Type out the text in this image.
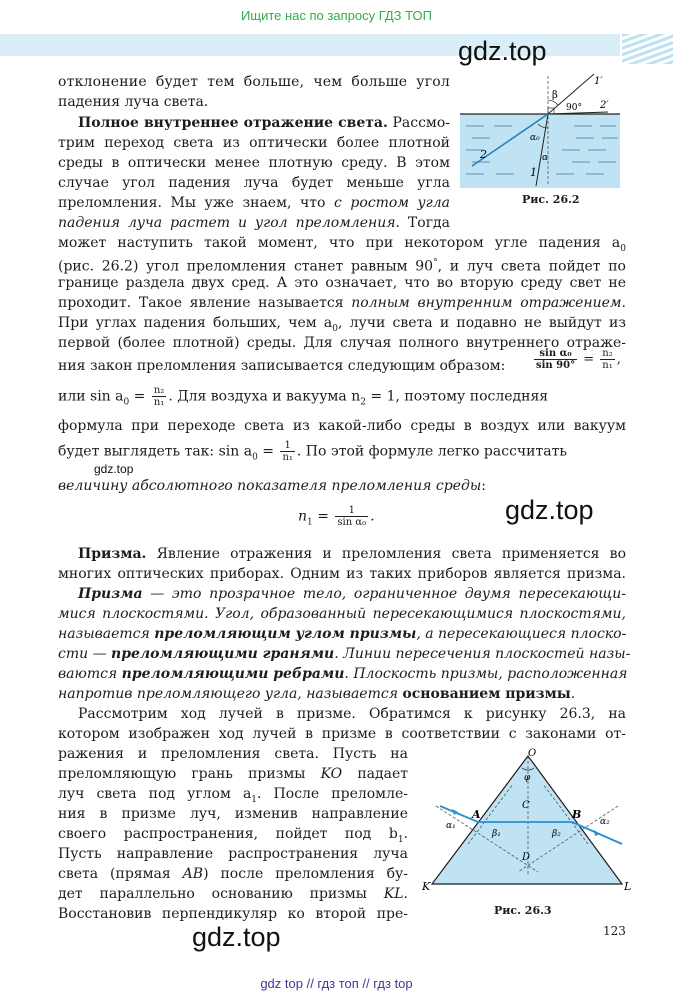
Ищите нас по запросу ГДЗ ТОП
gdz.top
β
90°
1′
2′
2
1
α₀
α
Рис. 26.2
отклонение будет тем больше, чем больше угол
падения луча света.
Полное внутреннее отражение света. Рассмо-
трим переход света из оптически более плотной
среды в оптически менее плотную среду. В этом
случае угол падения луча будет меньше угла
преломления. Мы уже знаем, что с ростом угла
падения луча растет и угол преломления. Тогда
может наступить такой момент, что при некотором угле падения $a_0$
(рис. 26.2) угол преломления станет равным 90°, и луч света пойдет по
границе раздела двух сред. А это означает, что во вторую среду свет не
проходит. Такое явление называется полным внутренним отражением.
При углах падения больших, чем $a_0$, лучи света и подавно не выйдут из
первой (более плотной) среды. Для случая полного внутреннего отраже-
ния закон преломления записывается следующим образом:	$\frac{\text{sin α₀}}{\sin 90^\circ} = \frac{\text{n₂}}{\text{n₁}}$ ,
или $\sin a_0 = \frac{\text{n₂}}{\text{n₁}}$ . Для воздуха и вакуума $n_2 = 1$, поэтому последняя
формула при переходе света из какой-либо среды в воздух или вакуум
будет выглядеть так: $\sin a_0 = \frac{1}{\text{n₁}}$ . По этой формуле легко рассчитать
gdz.top
величину абсолютного показателя преломления среды:
$n_1 = \frac{1}{\text{sin α₀}}$ .	gdz.top
Призма. Явление отражения и преломления света применяется во
многих оптических приборах. Одним из таких приборов является призма.
Призма — это прозрачное тело, ограниченное двумя пересекающи-
мися плоскостями. Угол, образованный пересекающимися плоскостями,
называется преломляющим углом призмы, а пересекающиеся плоско-
сти — преломляющими гранями. Линии пересечения плоскостей назы-
ваются преломляющими ребрами. Плоскость призмы, расположенная
напротив преломляющего угла, называется основанием призмы.
Рассмотрим ход лучей в призме. Обратимся к рисунку 26.3, на
котором изображен ход лучей в призме в соответствии с законами от-
ражения и преломления света. Пусть на
преломляющую грань призмы KO падает
луч света под углом $a_1$. После преломле-
ния в призме луч, изменив направление
своего распространения, пойдет под $b_1$.
Пусть направление распространения луча
света (прямая AB) после преломления бу-
дет параллельно основанию призмы KL.
Восстановив перпендикуляр ко второй пре-
O
φ
K	L
A	B
C
D
α₁	α₂
β₁	β₂
Рис. 26.3
gdz.top	123
gdz top // гдз топ // гдз top
